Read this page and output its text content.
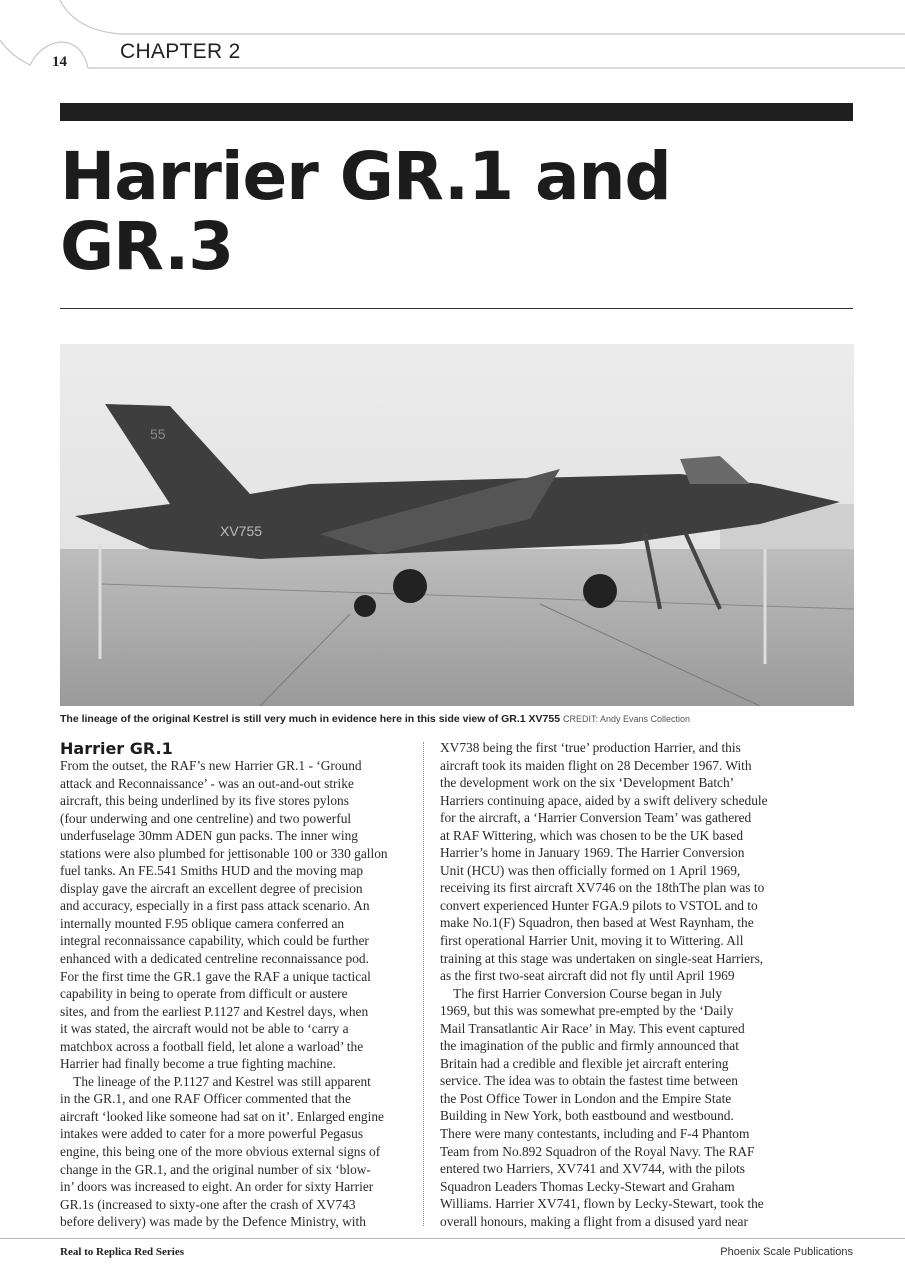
14	CHAPTER 2
Harrier GR.1 and GR.3
55
XV755
The lineage of the original Kestrel is still very much in evidence here in this side view of GR.1 XV755 CREDIT: Andy Evans Collection
Harrier GR.1
From the outset, the RAF’s new Harrier GR.1 - ‘Ground
attack and Reconnaissance’ - was an out-and-out strike
aircraft, this being underlined by its five stores pylons
(four underwing and one centreline) and two powerful
underfuselage 30mm ADEN gun packs. The inner wing
stations were also plumbed for jettisonable 100 or 330 gallon
fuel tanks. An FE.541 Smiths HUD and the moving map
display gave the aircraft an excellent degree of precision
and accuracy, especially in a first pass attack scenario. An
internally mounted F.95 oblique camera conferred an
integral reconnaissance capability, which could be further
enhanced with a dedicated centreline reconnaissance pod.
For the first time the GR.1 gave the RAF a unique tactical
capability in being to operate from difficult or austere
sites, and from the earliest P.1127 and Kestrel days, when
it was stated, the aircraft would not be able to ‘carry a
matchbox across a football field, let alone a warload’ the
Harrier had finally become a true fighting machine.
The lineage of the P.1127 and Kestrel was still apparent
in the GR.1, and one RAF Officer commented that the
aircraft ‘looked like someone had sat on it’. Enlarged engine
intakes were added to cater for a more powerful Pegasus
engine, this being one of the more obvious external signs of
change in the GR.1, and the original number of six ‘blow-
in’ doors was increased to eight. An order for sixty Harrier
GR.1s (increased to sixty-one after the crash of XV743
before delivery) was made by the Defence Ministry, with
XV738 being the first ‘true’ production Harrier, and this
aircraft took its maiden flight on 28 December 1967. With
the development work on the six ‘Development Batch’
Harriers continuing apace, aided by a swift delivery schedule
for the aircraft, a ‘Harrier Conversion Team’ was gathered
at RAF Wittering, which was chosen to be the UK based
Harrier’s home in January 1969. The Harrier Conversion
Unit (HCU) was then officially formed on 1 April 1969,
receiving its first aircraft XV746 on the 18thThe plan was to
convert experienced Hunter FGA.9 pilots to VSTOL and to
make No.1(F) Squadron, then based at West Raynham, the
first operational Harrier Unit, moving it to Wittering. All
training at this stage was undertaken on single-seat Harriers,
as the first two-seat aircraft did not fly until April 1969
The first Harrier Conversion Course began in July
1969, but this was somewhat pre-empted by the ‘Daily
Mail Transatlantic Air Race’ in May. This event captured
the imagination of the public and firmly announced that
Britain had a credible and flexible jet aircraft entering
service. The idea was to obtain the fastest time between
the Post Office Tower in London and the Empire State
Building in New York, both eastbound and westbound.
There were many contestants, including and F-4 Phantom
Team from No.892 Squadron of the Royal Navy. The RAF
entered two Harriers, XV741 and XV744, with the pilots
Squadron Leaders Thomas Lecky-Stewart and Graham
Williams. Harrier XV741, flown by Lecky-Stewart, took the
overall honours, making a flight from a disused yard near
Real to Replica Red Series	Phoenix Scale Publications
